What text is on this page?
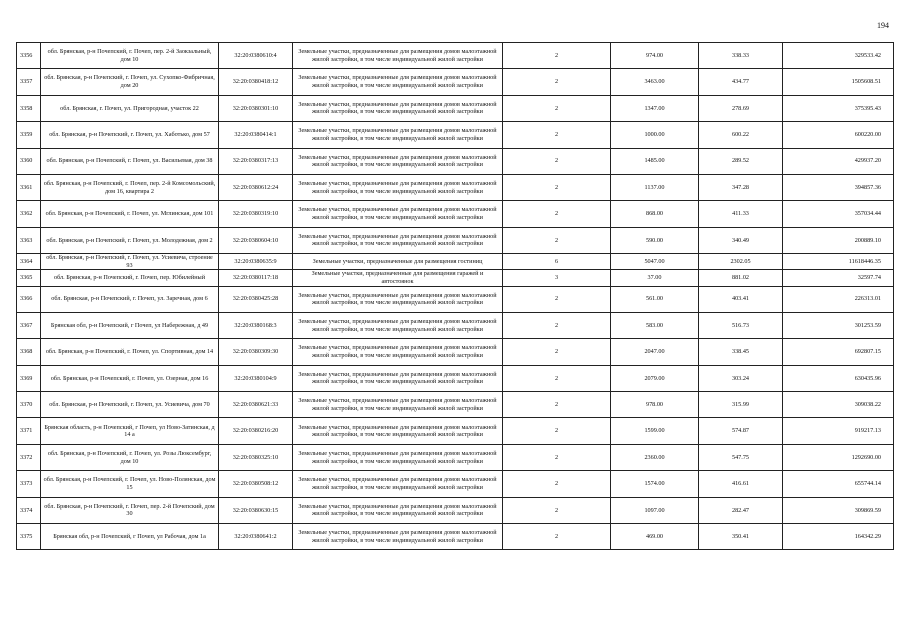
194
3356	обл. Брянская, р-н Почепский, г. Почеп, пер. 2-й Заокзальный, дом 10	32:20:0380610:4	Земельные участки, предназначенные для размещения домов малоэтажной жилой застройки, в том числе индивидуальной жилой застройки	2	974.00	338.33	329533.42
3357	обл. Брянская, р-н Почепский, г. Почеп, ул. Сухопко-Фибричная, дом 20	32:20:0380418:12	Земельные участки, предназначенные для размещения домов малоэтажной жилой застройки, в том числе индивидуальной жилой застройки	2	3463.00	434.77	1505608.51
3358	обл. Брянская, г. Почеп, ул. Пригородная, участок 22	32:20:0380301:10	Земельные участки, предназначенные для размещения домов малоэтажной жилой застройки, в том числе индивидуальной жилой застройки	2	1347.00	278.69	375395.43
3359	обл. Брянская, р-н Почепский, г. Почеп, ул. Хаботько, дом 57	32:20:0380414:1	Земельные участки, предназначенные для размещения домов малоэтажной жилой застройки, в том числе индивидуальной жилой застройки	2	1000.00	600.22	600220.00
3360	обл. Брянская, р-н Почепский, г. Почеп, ул. Васильевая, дом 38	32:20:0380317:13	Земельные участки, предназначенные для размещения домов малоэтажной жилой застройки, в том числе индивидуальной жилой застройки	2	1485.00	289.52	429937.20
3361	обл. Брянская, р-н Почепский, г. Почеп, пер. 2-й Комсомольский, дом 16, квартира 2	32:20:0380612:24	Земельные участки, предназначенные для размещения домов малоэтажной жилой застройки, в том числе индивидуальной жилой застройки	2	1137.00	347.28	394857.36
3362	обл. Брянская, р-н Почепский, г. Почеп, ул. Мглинская, дом 101	32:20:0380319:10	Земельные участки, предназначенные для размещения домов малоэтажной жилой застройки, в том числе индивидуальной жилой застройки	2	868.00	411.33	357034.44
3363	обл. Брянская, р-н Почепский, г. Почеп, ул. Молодежная, дом 2	32:20:0380604:10	Земельные участки, предназначенные для размещения домов малоэтажной жилой застройки, в том числе индивидуальной жилой застройки	2	590.00	340.49	200889.10
3364	обл. Брянская, р-н Почепский, г. Почеп, ул. Усиевича, строение 93	32:20:0380635:9	Земельные участки, предназначенные для размещения гостиниц	6	5047.00	2302.05	11618446.35
3365	обл. Брянская, р-н Почепский, г. Почеп, пер. Юбилейный	32:20:0380117:18	Земельные участки, предназначенные для размещения гаражей и автостоянок	3	37.00	881.02	32597.74
3366	обл. Брянская, р-н Почепский, г. Почеп, ул. Заречная, дом 6	32:20:0380425:28	Земельные участки, предназначенные для размещения домов малоэтажной жилой застройки, в том числе индивидуальной жилой застройки	2	561.00	403.41	226313.01
3367	Брянская обл, р-н Почепский, г Почеп, ул Набережная, д 49	32:20:0380168:3	Земельные участки, предназначенные для размещения домов малоэтажной жилой застройки, в том числе индивидуальной жилой застройки	2	583.00	516.73	301253.59
3368	обл. Брянская, р-н Почепский, г. Почеп, ул. Спортивная, дом 14	32:20:0380309:30	Земельные участки, предназначенные для размещения домов малоэтажной жилой застройки, в том числе индивидуальной жилой застройки	2	2047.00	338.45	692807.15
3369	обл. Брянская, р-н Почепский, г. Почеп, ул. Озерная, дом 16	32:20:0380104:9	Земельные участки, предназначенные для размещения домов малоэтажной жилой застройки, в том числе индивидуальной жилой застройки	2	2079.00	303.24	630435.96
3370	обл. Брянская, р-н Почепский, г. Почеп, ул. Усиевича, дом 70	32:20:0380621:33	Земельные участки, предназначенные для размещения домов малоэтажной жилой застройки, в том числе индивидуальной жилой застройки	2	978.00	315.99	309038.22
3371	Брянская область, р-н Почепский, г Почеп, ул Ново-Затинская, д 14 а	32:20:0380216:20	Земельные участки, предназначенные для размещения домов малоэтажной жилой застройки, в том числе индивидуальной жилой застройки	2	1599.00	574.87	919217.13
3372	обл. Брянская, р-н Почепский, г. Почеп, ул. Розы Люксембург, дом 10	32:20:0380325:10	Земельные участки, предназначенные для размещения домов малоэтажной жилой застройки, в том числе индивидуальной жилой застройки	2	2360.00	547.75	1292690.00
3373	обл. Брянская, р-н Почепский, г. Почеп, ул. Ново-Полянская, дом 15	32:20:0380508:12	Земельные участки, предназначенные для размещения домов малоэтажной жилой застройки, в том числе индивидуальной жилой застройки	2	1574.00	416.61	655744.14
3374	обл. Брянская, р-н Почепский, г. Почеп, пер. 2-й Почепский, дом 30	32:20:0380630:15	Земельные участки, предназначенные для размещения домов малоэтажной жилой застройки, в том числе индивидуальной жилой застройки	2	1097.00	282.47	309869.59
3375	Брянская обл, р-н Почепский, г Почеп, ул Рабочая, дом 1а	32:20:0380641:2	Земельные участки, предназначенные для размещения домов малоэтажной жилой застройки, в том числе индивидуальной жилой застройки	2	469.00	350.41	164342.29
